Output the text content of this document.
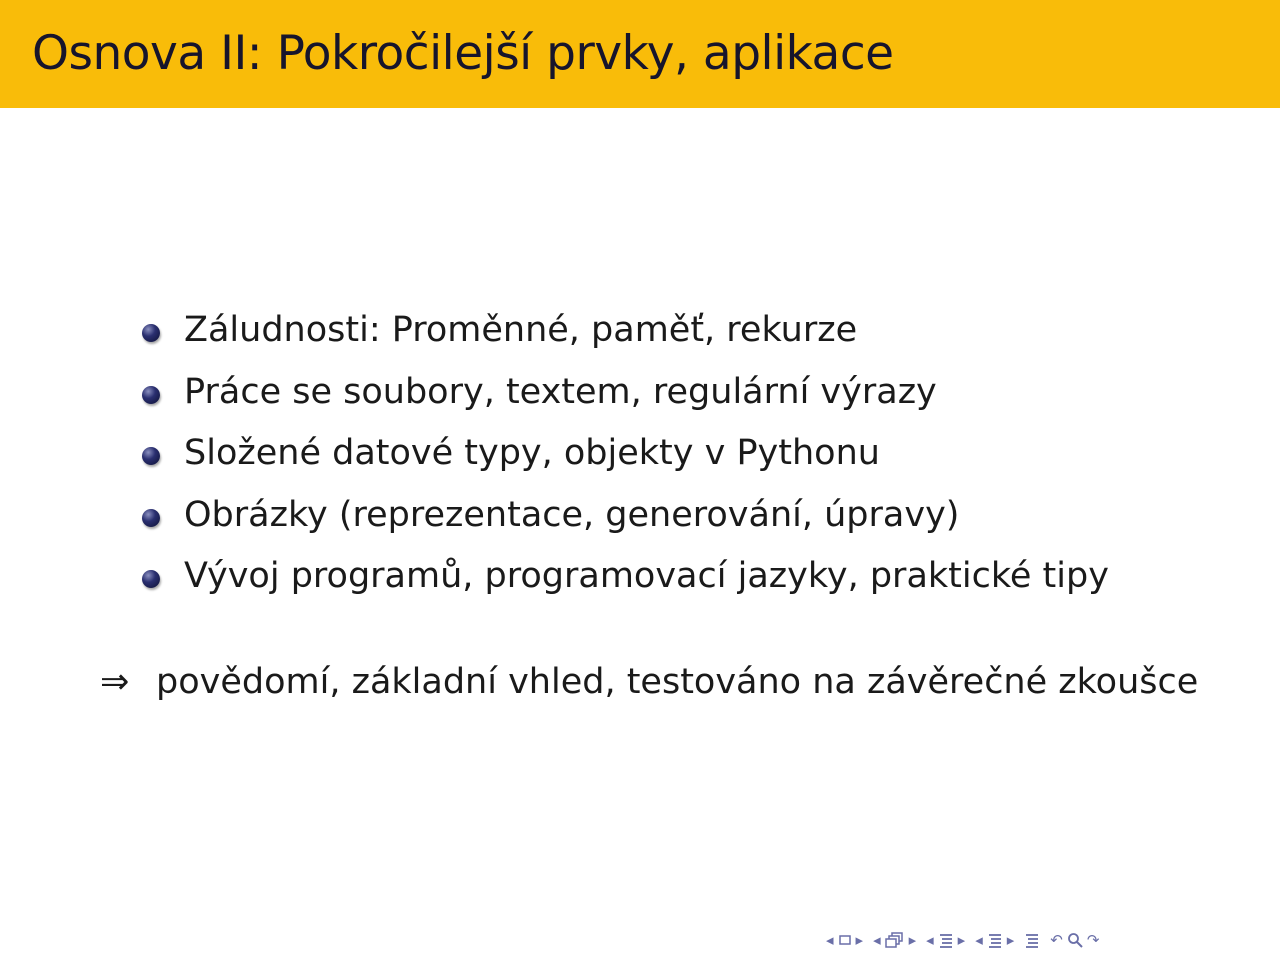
Osnova II: Pokročilejší prvky, aplikace
Záludnosti: Proměnné, paměť, rekurze
Práce se soubory, textem, regulární výrazy
Složené datové typy, objekty v Pythonu
Obrázky (reprezentace, generování, úpravy)
Vývoj programů, programovací jazyky, praktické tipy
⇒ povědomí, základní vhled, testováno na závěrečné zkoušce
◂ ▸ ◂ ▸ ◂ ▸ ◂ ▸ ↶ ↷
